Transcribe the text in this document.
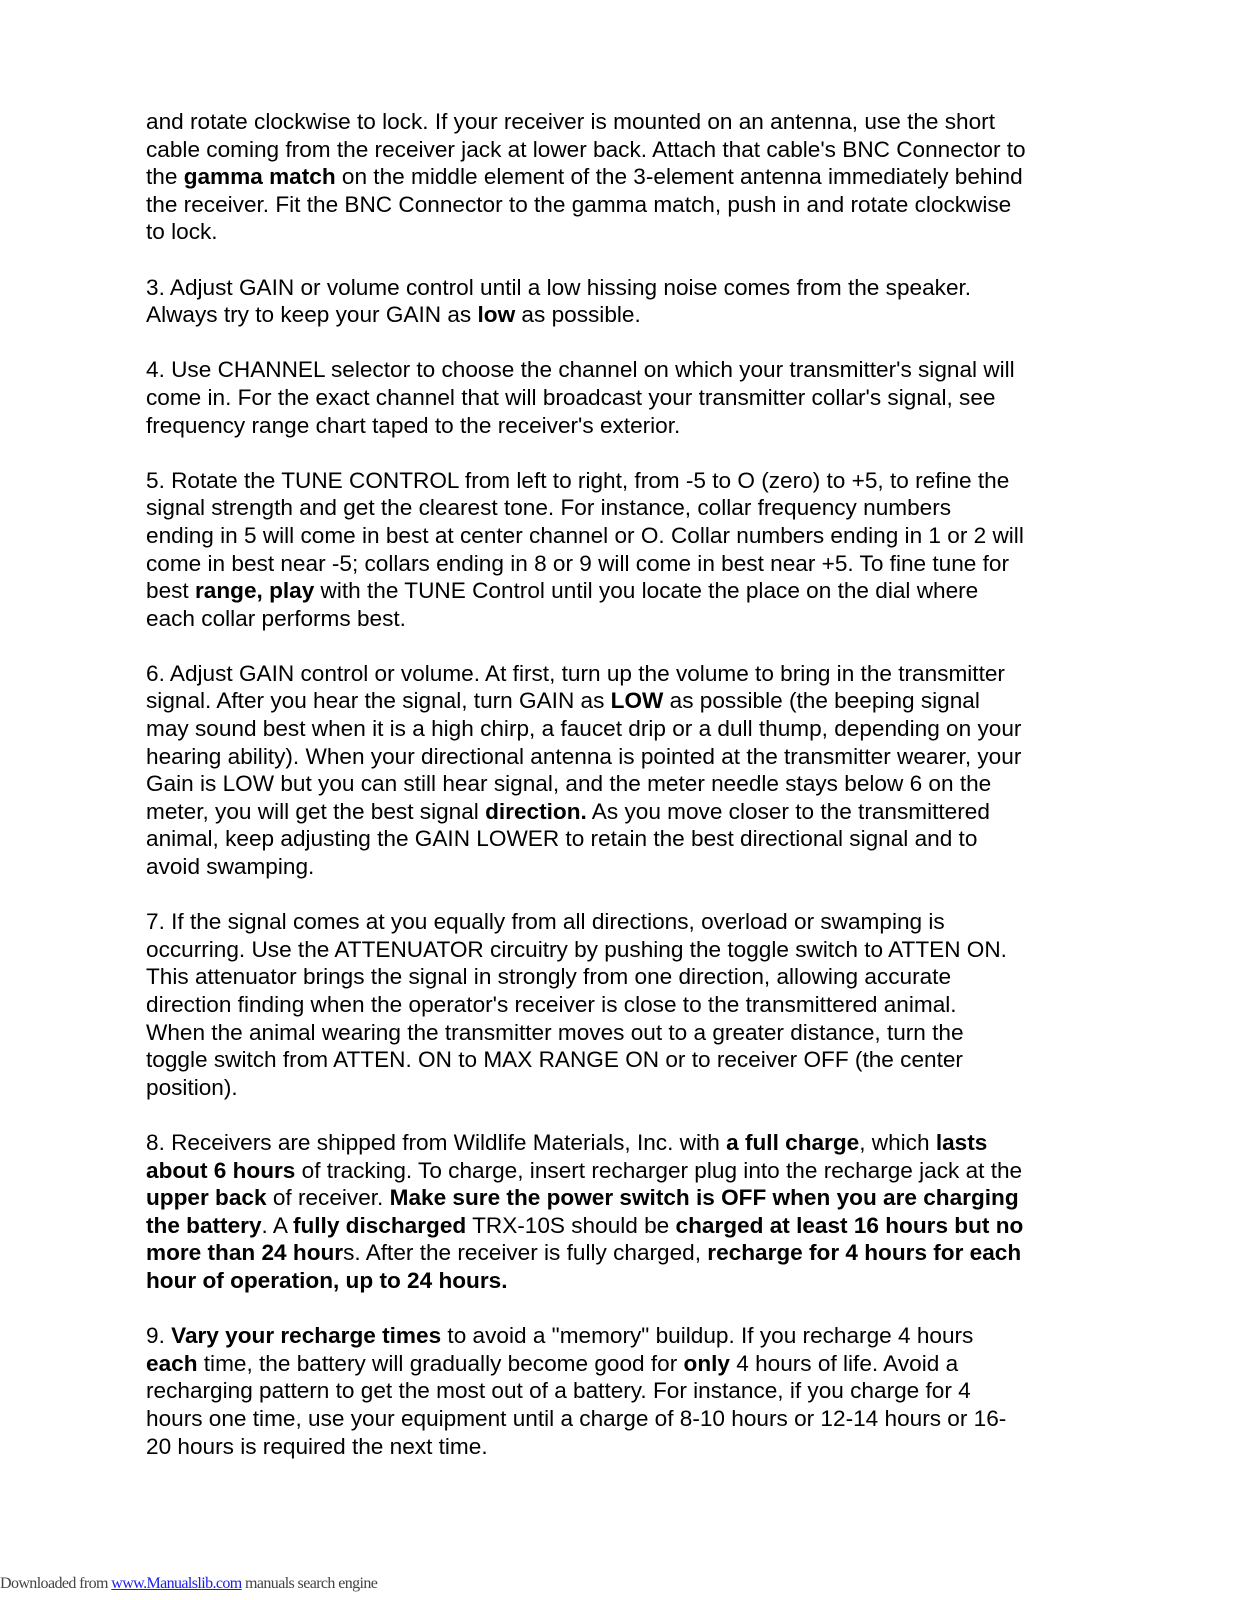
and rotate clockwise to lock. If your receiver is mounted on an antenna, use the short
cable coming from the receiver jack at lower back. Attach that cable's BNC Connector to
the gamma match on the middle element of the 3-element antenna immediately behind
the receiver. Fit the BNC Connector to the gamma match, push in and rotate clockwise
to lock.

3. Adjust GAIN or volume control until a low hissing noise comes from the speaker.
Always try to keep your GAIN as low as possible.

4. Use CHANNEL selector to choose the channel on which your transmitter's signal will
come in. For the exact channel that will broadcast your transmitter collar's signal, see
frequency range chart taped to the receiver's exterior.

5. Rotate the TUNE CONTROL from left to right, from -5 to O (zero) to +5, to refine the
signal strength and get the clearest tone. For instance, collar frequency numbers
ending in 5 will come in best at center channel or O. Collar numbers ending in 1 or 2 will
come in best near -5; collars ending in 8 or 9 will come in best near +5. To fine tune for
best range, play with the TUNE Control until you locate the place on the dial where
each collar performs best.

6. Adjust GAIN control or volume. At first, turn up the volume to bring in the transmitter
signal. After you hear the signal, turn GAIN as LOW as possible (the beeping signal
may sound best when it is a high chirp, a faucet drip or a dull thump, depending on your
hearing ability). When your directional antenna is pointed at the transmitter wearer, your
Gain is LOW but you can still hear signal, and the meter needle stays below 6 on the
meter, you will get the best signal direction. As you move closer to the transmittered
animal, keep adjusting the GAIN LOWER to retain the best directional signal and to
avoid swamping.

7. If the signal comes at you equally from all directions, overload or swamping is
occurring. Use the ATTENUATOR circuitry by pushing the toggle switch to ATTEN ON.
This attenuator brings the signal in strongly from one direction, allowing accurate
direction finding when the operator's receiver is close to the transmittered animal.
When the animal wearing the transmitter moves out to a greater distance, turn the
toggle switch from ATTEN. ON to MAX RANGE ON or to receiver OFF (the center
position).

8. Receivers are shipped from Wildlife Materials, Inc. with a full charge, which lasts
about 6 hours of tracking. To charge, insert recharger plug into the recharge jack at the
upper back of receiver. Make sure the power switch is OFF when you are charging
the battery. A fully discharged TRX-10S should be charged at least 16 hours but no
more than 24 hours. After the receiver is fully charged, recharge for 4 hours for each
hour of operation, up to 24 hours.

9. Vary your recharge times to avoid a "memory" buildup. If you recharge 4 hours
each time, the battery will gradually become good for only 4 hours of life. Avoid a
recharging pattern to get the most out of a battery. For instance, if you charge for 4
hours one time, use your equipment until a charge of 8-10 hours or 12-14 hours or 16-
20 hours is required the next time.

Downloaded from www.Manualslib.com manuals search engine
